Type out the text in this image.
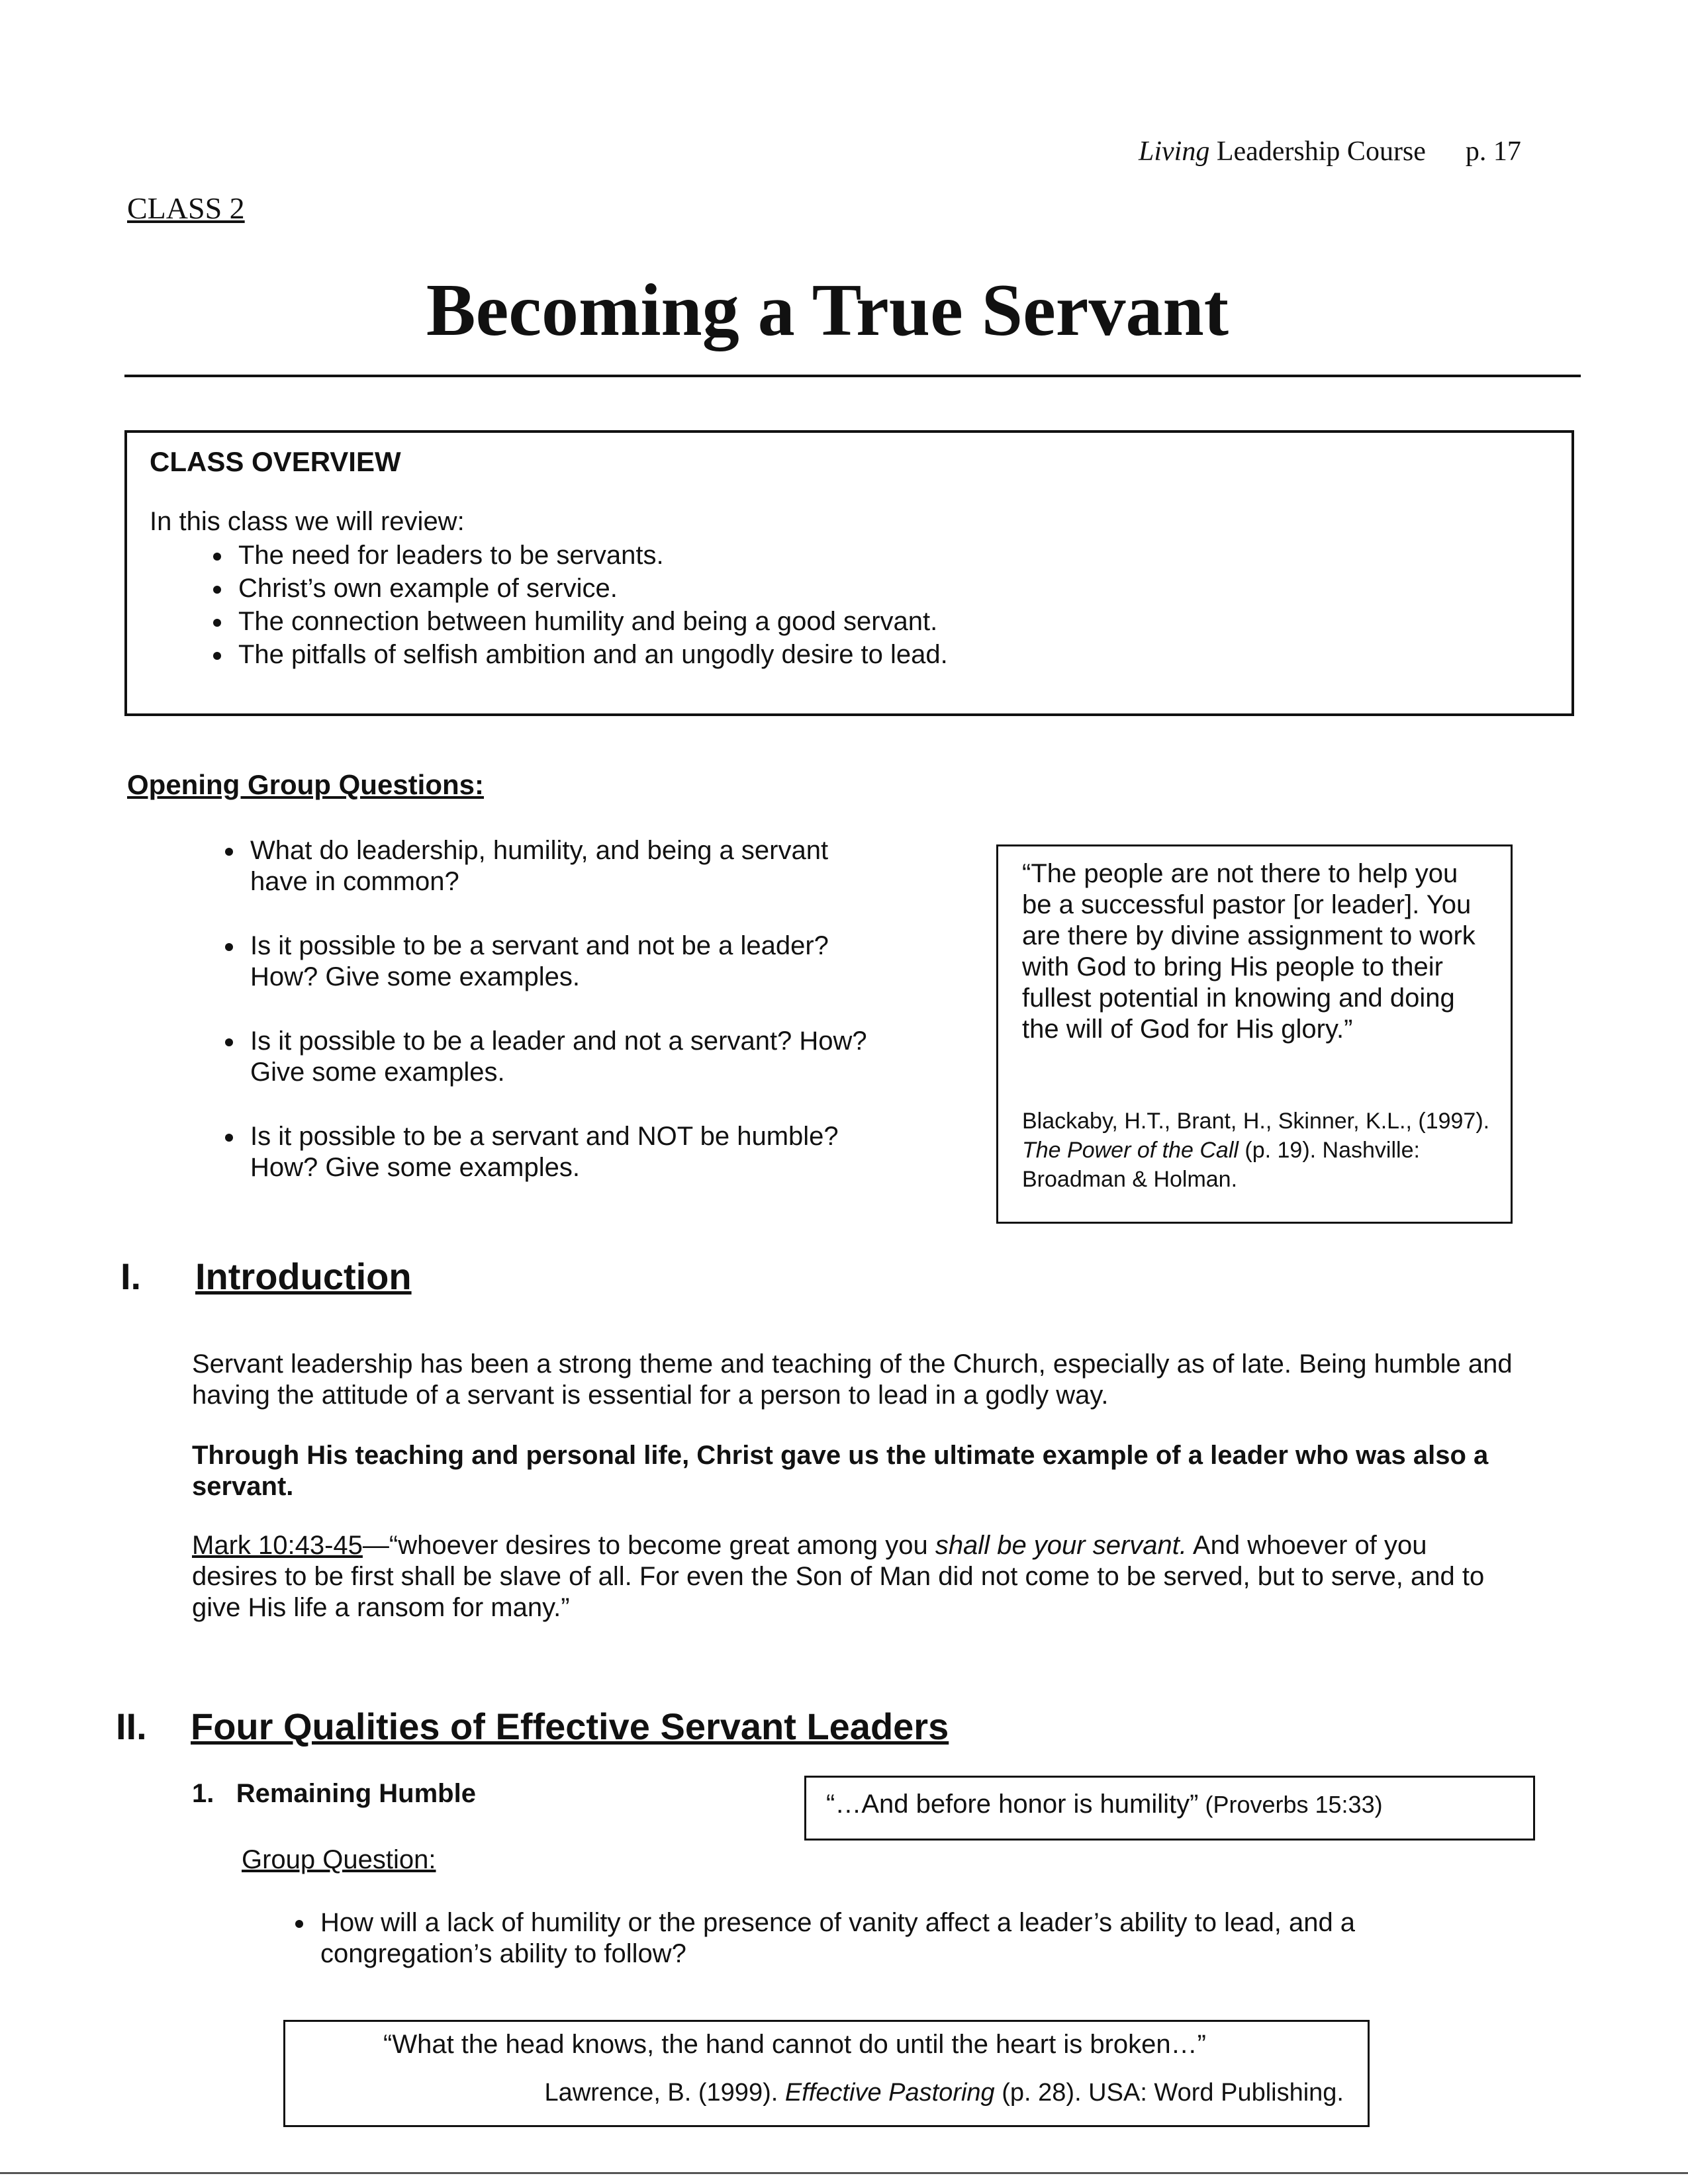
Living Leadership Course p. 17
CLASS 2
Becoming a True Servant
CLASS OVERVIEW
In this class we will review:
• The need for leaders to be servants.
• Christ’s own example of service.
• The connection between humility and being a good servant.
• The pitfalls of selfish ambition and an ungodly desire to lead.
Opening Group Questions:
• What do leadership, humility, and being a servant have in common?
• Is it possible to be a servant and not be a leader? How? Give some examples.
• Is it possible to be a leader and not a servant? How? Give some examples.
• Is it possible to be a servant and NOT be humble? How? Give some examples.
“The people are not there to help you be a successful pastor [or leader]. You are there by divine assignment to work with God to bring His people to their fullest potential in knowing and doing the will of God for His glory.”
Blackaby, H.T., Brant, H., Skinner, K.L., (1997). The Power of the Call (p. 19). Nashville: Broadman & Holman.
I. Introduction
Servant leadership has been a strong theme and teaching of the Church, especially as of late. Being humble and having the attitude of a servant is essential for a person to lead in a godly way.
Through His teaching and personal life, Christ gave us the ultimate example of a leader who was also a servant.
Mark 10:43-45—“whoever desires to become great among you shall be your servant. And whoever of you desires to be first shall be slave of all. For even the Son of Man did not come to be served, but to serve, and to give His life a ransom for many.”
II. Four Qualities of Effective Servant Leaders
1.   Remaining Humble	“…And before honor is humility” (Proverbs 15:33)
Group Question:
• How will a lack of humility or the presence of vanity affect a leader’s ability to lead, and a congregation’s ability to follow?
“What the head knows, the hand cannot do until the heart is broken…”
Lawrence, B. (1999). Effective Pastoring (p. 28). USA: Word Publishing.
